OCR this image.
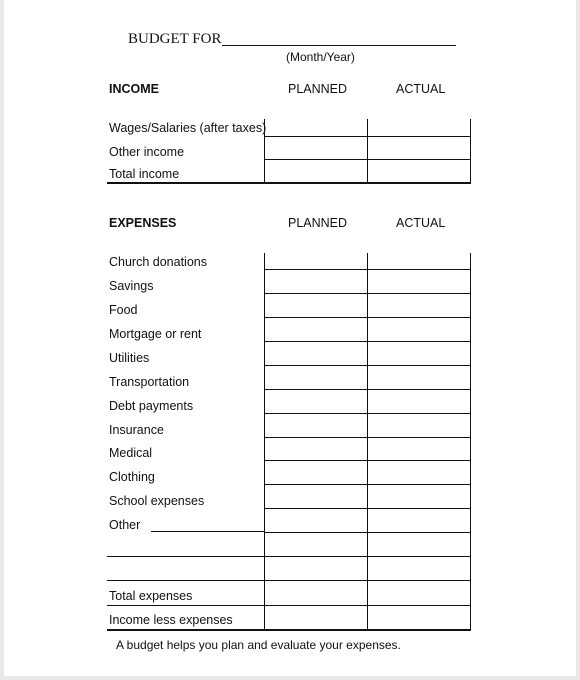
BUDGET FOR
(Month/Year)
INCOME	PLANNED	ACTUAL
Wages/Salaries (after taxes)
Other income
Total income
EXPENSES	PLANNED	ACTUAL
Church donations
Savings
Food
Mortgage or rent
Utilities
Transportation
Debt payments
Insurance
Medical
Clothing
School expenses
Other
Total expenses
Income less expenses
A budget helps you plan and evaluate your expenses.
